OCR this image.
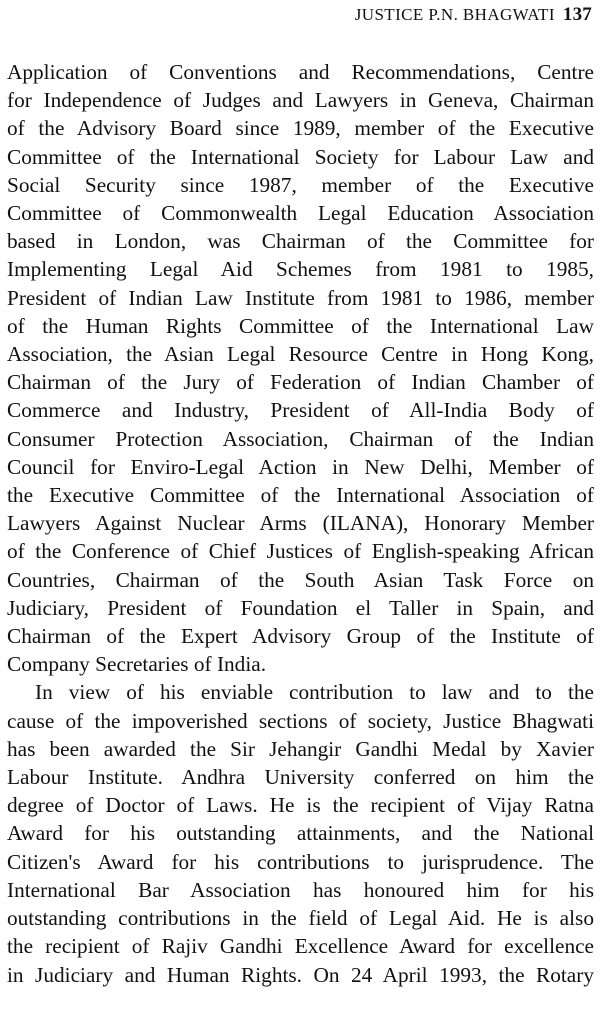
JUSTICE P.N. BHAGWATI 137
Application of Conventions and Recommendations, Centre
for Independence of Judges and Lawyers in Geneva, Chairman
of the Advisory Board since 1989, member of the Executive
Committee of the International Society for Labour Law and
Social Security since 1987, member of the Executive
Committee of Commonwealth Legal Education Association
based in London, was Chairman of the Committee for
Implementing Legal Aid Schemes from 1981 to 1985,
President of Indian Law Institute from 1981 to 1986, member
of the Human Rights Committee of the International Law
Association, the Asian Legal Resource Centre in Hong Kong,
Chairman of the Jury of Federation of Indian Chamber of
Commerce and Industry, President of All-India Body of
Consumer Protection Association, Chairman of the Indian
Council for Enviro-Legal Action in New Delhi, Member of
the Executive Committee of the International Association of
Lawyers Against Nuclear Arms (ILANA), Honorary Member
of the Conference of Chief Justices of English-speaking African
Countries, Chairman of the South Asian Task Force on
Judiciary, President of Foundation el Taller in Spain, and
Chairman of the Expert Advisory Group of the Institute of
Company Secretaries of India.
In view of his enviable contribution to law and to the
cause of the impoverished sections of society, Justice Bhagwati
has been awarded the Sir Jehangir Gandhi Medal by Xavier
Labour Institute. Andhra University conferred on him the
degree of Doctor of Laws. He is the recipient of Vijay Ratna
Award for his outstanding attainments, and the National
Citizen's Award for his contributions to jurisprudence. The
International Bar Association has honoured him for his
outstanding contributions in the field of Legal Aid. He is also
the recipient of Rajiv Gandhi Excellence Award for excellence
in Judiciary and Human Rights. On 24 April 1993, the Rotary
